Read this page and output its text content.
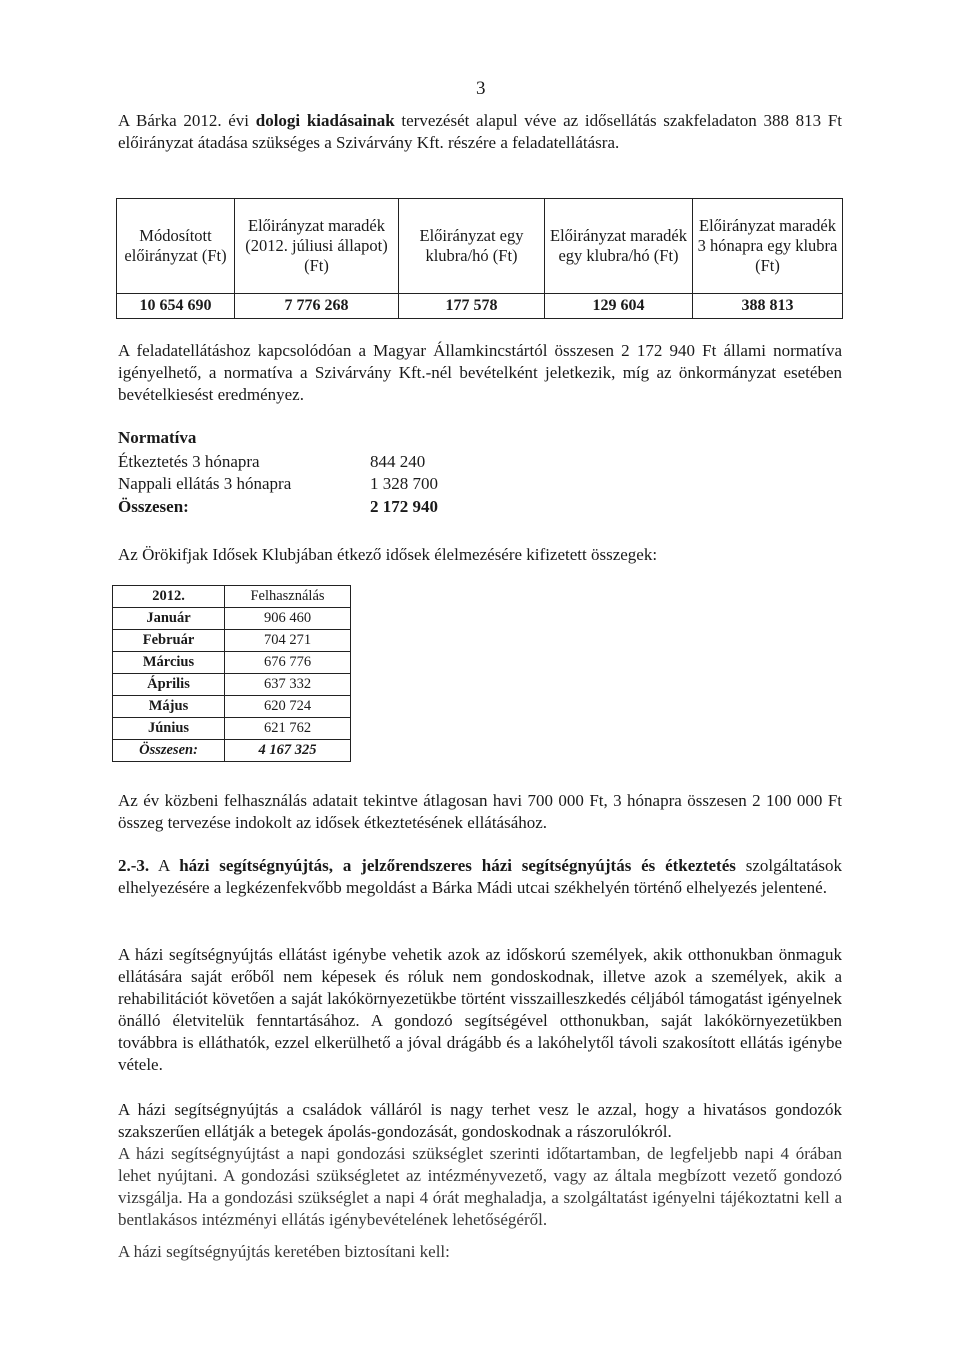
3

A Bárka 2012. évi dologi kiadásainak tervezését alapul véve az idősellátás szakfeladaton 388 813 Ft előirányzat átadása szükséges a Szivárvány Kft. részére a feladatellátásra.

Módosított előirányzat (Ft)	Előirányzat maradék (2012. júliusi állapot) (Ft)	Előirányzat egy klubra/hó (Ft)	Előirányzat maradék egy klubra/hó (Ft)	Előirányzat maradék 3 hónapra egy klubra (Ft)
10 654 690	7 776 268	177 578	129 604	388 813

A feladatellátáshoz kapcsolódóan a Magyar Államkincstártól összesen 2 172 940 Ft állami normatíva igényelhető, a normatíva a Szivárvány Kft.-nél bevételként jeletkezik, míg az önkormányzat esetében bevételkiesést eredményez.

Normatíva
Étkeztetés 3 hónapra	844 240
Nappali ellátás 3 hónapra	1 328 700
Összesen:	2 172 940
Az Örökifjak Idősek Klubjában étkező idősek élelmezésére kifizetett összegek:
2012.	Felhasználás
Január	906 460
Február	704 271
Március	676 776
Április	637 332
Május	620 724
Június	621 762
Összesen:	4 167 325

Az év közbeni felhasználás adatait tekintve átlagosan havi 700 000 Ft, 3 hónapra összesen 2 100 000 Ft összeg tervezése indokolt az idősek étkeztetésének ellátásához.

2.-3. A házi segítségnyújtás, a jelzőrendszeres házi segítségnyújtás és étkeztetés szolgáltatások elhelyezésére a legkézenfekvőbb megoldást a Bárka Mádi utcai székhelyén történő elhelyezés jelentené.

A házi segítségnyújtás ellátást igénybe vehetik azok az időskorú személyek, akik otthonukban önmaguk ellátására saját erőből nem képesek és róluk nem gondoskodnak, illetve azok a személyek, akik a rehabilitációt követően a saját lakókörnyezetükbe történt visszailleszkedés céljából támogatást igényelnek önálló életvitelük fenntartásához. A gondozó segítségével otthonukban, saját lakókörnyezetükben továbbra is elláthatók, ezzel elkerülhető a jóval drágább és a lakóhelytől távoli szakosított ellátás igénybe vétele.

A házi segítségnyújtás a családok válláról is nagy terhet vesz le azzal, hogy a hivatásos gondozók szakszerűen ellátják a betegek ápolás-gondozását, gondoskodnak a rászorulókról.

A házi segítségnyújtást a napi gondozási szükséglet szerinti időtartamban, de legfeljebb napi 4 órában lehet nyújtani. A gondozási szükségletet az intézményvezető, vagy az általa megbízott vezető gondozó vizsgálja. Ha a gondozási szükséglet a napi 4 órát meghaladja, a szolgáltatást igényelni tájékoztatni kell a bentlakásos intézményi ellátás igénybevételének lehetőségéről.

A házi segítségnyújtás keretében biztosítani kell:
